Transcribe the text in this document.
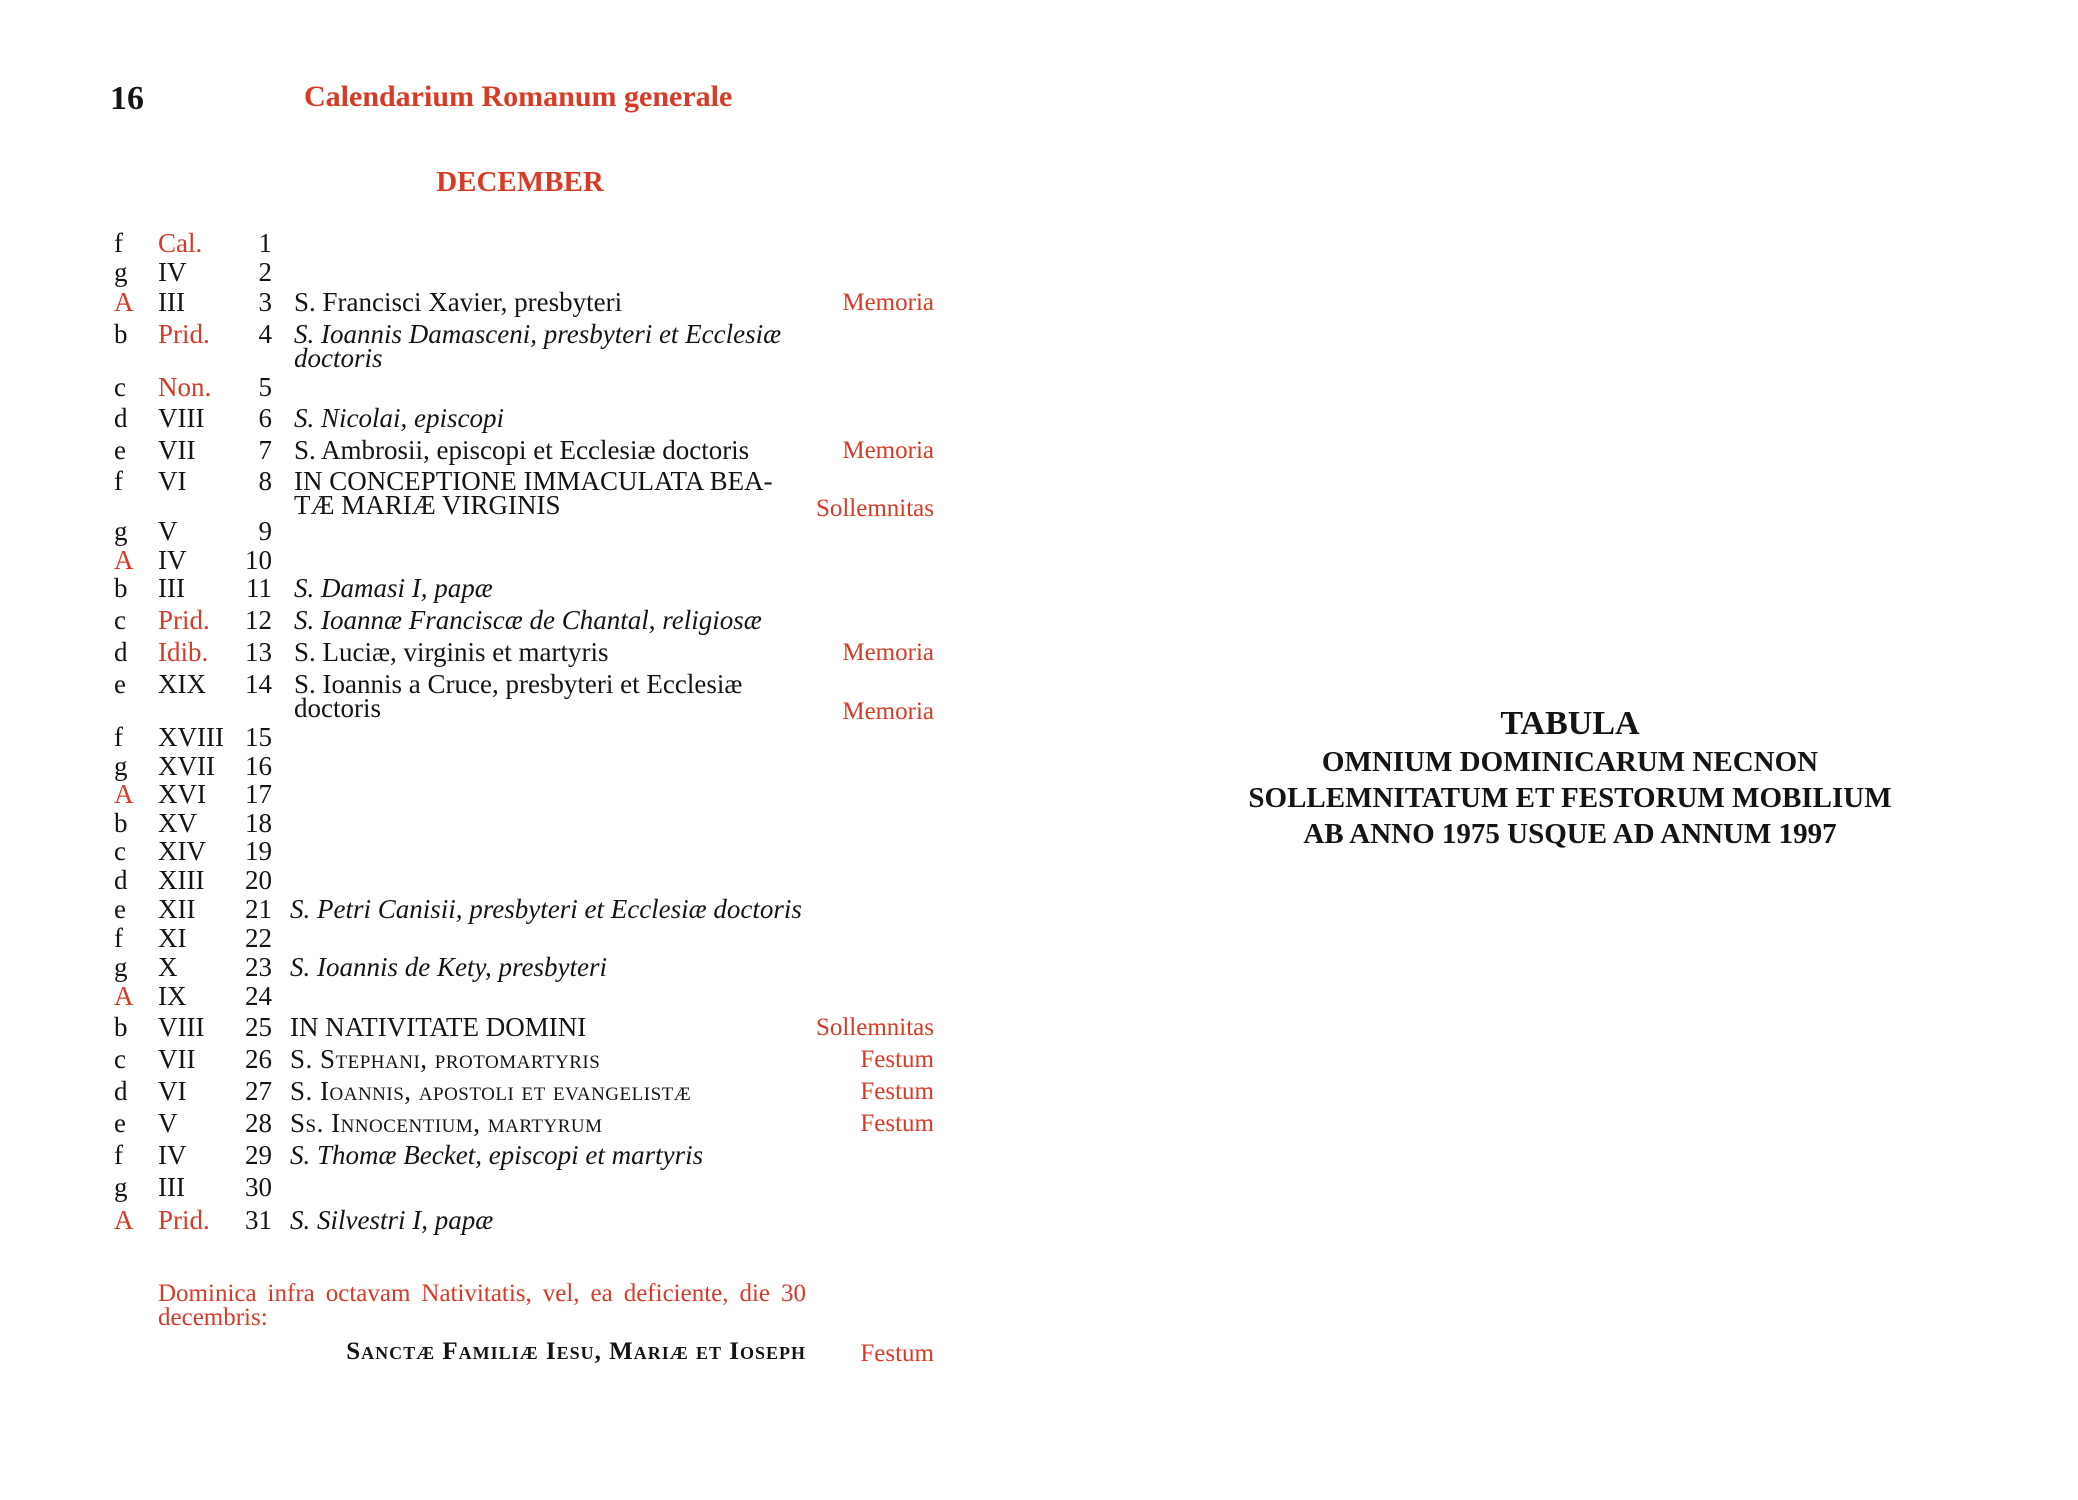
16	Calendarium Romanum generale
DECEMBER
f	Cal.	1
g	IV	2
A III	3 S. Francisci Xavier, presbyteri	Memoria
b	Prid.	4 S. Ioannis Damasceni, presbyteri et Ecclesiæ doctoris
c	Non.	5
d	VIII	6 S. Nicolai, episcopi
e	VII	7 S. Ambrosii, episcopi et Ecclesiæ doctoris	Memoria
f	VI	8 IN CONCEPTIONE IMMACULATA BEA-TÆ MARIÆ VIRGINIS	Sollemnitas
g	V	9
A IV	10
b	III	11 S. Damasi I, papæ
c	Prid.	12 S. Ioannæ Franciscæ de Chantal, religiosæ
d	Idib.	13 S. Luciæ, virginis et martyris	Memoria
e	XIX	14 S. Ioannis a Cruce, presbyteri et Ecclesiæ doctoris	Memoria
f	XVIII 15
g	XVII	16
A XVI	17
b	XV	18
c	XIV	19
d	XIII	20
e	XII	21 S. Petri Canisii, presbyteri et Ecclesiæ doctoris
f	XI	22
g	X	23 S. Ioannis de Kety, presbyteri
A IX	24
b	VIII	25 IN NATIVITATE DOMINI	Sollemnitas
c	VII	26 S. Stephani, protomartyris	Festum
d	VI	27 S. Ioannis, apostoli et evangelistæ	Festum
e	V	28 Ss. Innocentium, martyrum	Festum
f	IV	29 S. Thomæ Becket, episcopi et martyris
g	III	30
A Prid.	31 S. Silvestri I, papæ
Dominica infra octavam Nativitatis, vel, ea deficiente, die 30 decembris:
Sanctæ Familiæ Iesu, Mariæ et Ioseph	Festum
TABULA
OMNIUM DOMINICARUM NECNON
SOLLEMNITATUM ET FESTORUM MOBILIUM
AB ANNO 1975 USQUE AD ANNUM 1997
